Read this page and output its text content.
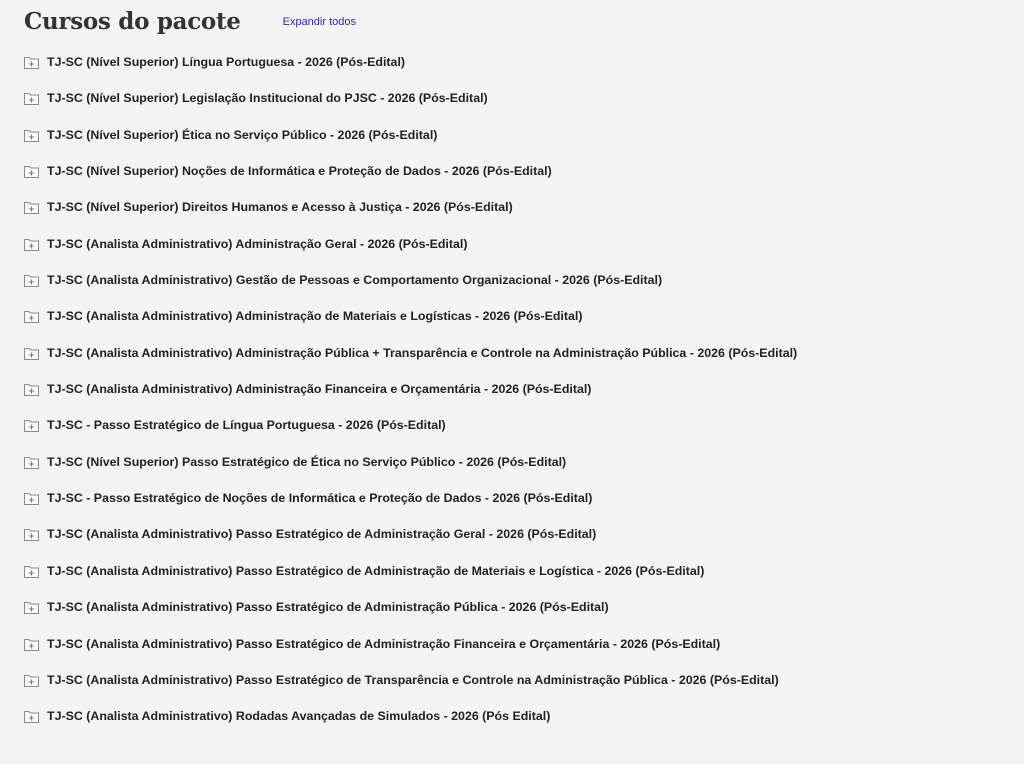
Cursos do pacote	Expandir todos
TJ-SC (Nível Superior) Língua Portuguesa - 2026 (Pós-Edital)
TJ-SC (Nível Superior) Legislação Institucional do PJSC - 2026 (Pós-Edital)
TJ-SC (Nível Superior) Ética no Serviço Público - 2026 (Pós-Edital)
TJ-SC (Nível Superior) Noções de Informática e Proteção de Dados - 2026 (Pós-Edital)
TJ-SC (Nível Superior) Direitos Humanos e Acesso à Justiça - 2026 (Pós-Edital)
TJ-SC (Analista Administrativo) Administração Geral - 2026 (Pós-Edital)
TJ-SC (Analista Administrativo) Gestão de Pessoas e Comportamento Organizacional - 2026 (Pós-Edital)
TJ-SC (Analista Administrativo) Administração de Materiais e Logísticas - 2026 (Pós-Edital)
TJ-SC (Analista Administrativo) Administração Pública + Transparência e Controle na Administração Pública - 2026 (Pós-Edital)
TJ-SC (Analista Administrativo) Administração Financeira e Orçamentária - 2026 (Pós-Edital)
TJ-SC - Passo Estratégico de Língua Portuguesa - 2026 (Pós-Edital)
TJ-SC (Nível Superior) Passo Estratégico de Ética no Serviço Público - 2026 (Pós-Edital)
TJ-SC - Passo Estratégico de Noções de Informática e Proteção de Dados - 2026 (Pós-Edital)
TJ-SC (Analista Administrativo) Passo Estratégico de Administração Geral - 2026 (Pós-Edital)
TJ-SC (Analista Administrativo) Passo Estratégico de Administração de Materiais e Logística - 2026 (Pós-Edital)
TJ-SC (Analista Administrativo) Passo Estratégico de Administração Pública - 2026 (Pós-Edital)
TJ-SC (Analista Administrativo) Passo Estratégico de Administração Financeira e Orçamentária - 2026 (Pós-Edital)
TJ-SC (Analista Administrativo) Passo Estratégico de Transparência e Controle na Administração Pública - 2026 (Pós-Edital)
TJ-SC (Analista Administrativo) Rodadas Avançadas de Simulados - 2026 (Pós Edital)
